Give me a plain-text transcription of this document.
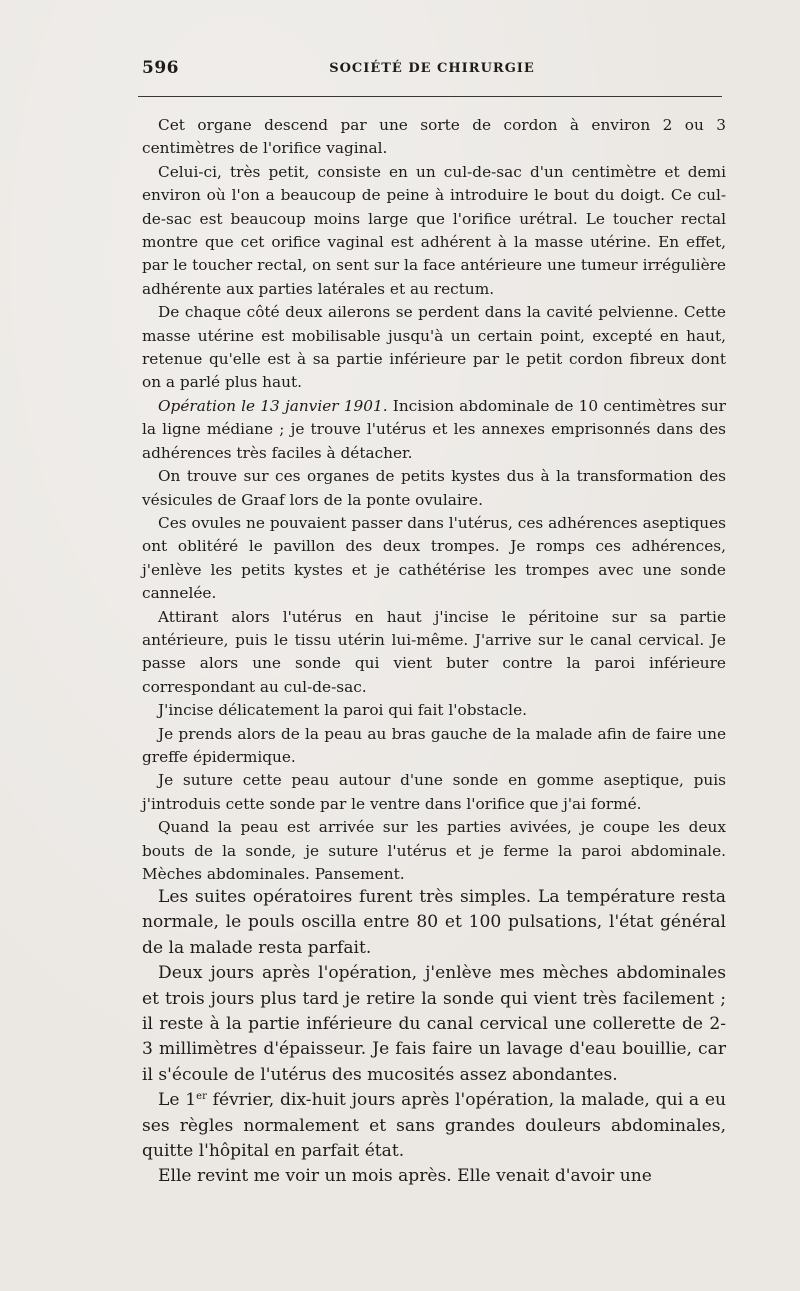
596	SOCIÉTÉ DE CHIRURGIE

Cet organe descend par une sorte de cordon à environ 2 ou 3 centimètres de l'orifice vaginal.

Celui-ci, très petit, consiste en un cul-de-sac d'un centimètre et demi environ où l'on a beaucoup de peine à introduire le bout du doigt. Ce cul-de-sac est beaucoup moins large que l'orifice urétral. Le toucher rectal montre que cet orifice vaginal est adhérent à la masse utérine. En effet, par le toucher rectal, on sent sur la face antérieure une tumeur irrégulière adhérente aux parties latérales et au rectum.

De chaque côté deux ailerons se perdent dans la cavité pelvienne. Cette masse utérine est mobilisable jusqu'à un certain point, excepté en haut, retenue qu'elle est à sa partie inférieure par le petit cordon fibreux dont on a parlé plus haut.

Opération le 13 janvier 1901. Incision abdominale de 10 centimètres sur la ligne médiane ; je trouve l'utérus et les annexes emprisonnés dans des adhérences très faciles à détacher.

On trouve sur ces organes de petits kystes dus à la transformation des vésicules de Graaf lors de la ponte ovulaire.

Ces ovules ne pouvaient passer dans l'utérus, ces adhérences aseptiques ont oblitéré le pavillon des deux trompes. Je romps ces adhérences, j'enlève les petits kystes et je cathétérise les trompes avec une sonde cannelée.

Attirant alors l'utérus en haut j'incise le péritoine sur sa partie antérieure, puis le tissu utérin lui-même. J'arrive sur le canal cervical. Je passe alors une sonde qui vient buter contre la paroi inférieure correspondant au cul-de-sac.

J'incise délicatement la paroi qui fait l'obstacle.

Je prends alors de la peau au bras gauche de la malade afin de faire une greffe épidermique.

Je suture cette peau autour d'une sonde en gomme aseptique, puis j'introduis cette sonde par le ventre dans l'orifice que j'ai formé.

Quand la peau est arrivée sur les parties avivées, je coupe les deux bouts de la sonde, je suture l'utérus et je ferme la paroi abdominale. Mèches abdominales. Pansement.

Les suites opératoires furent très simples. La température resta normale, le pouls oscilla entre 80 et 100 pulsations, l'état général de la malade resta parfait.

Deux jours après l'opération, j'enlève mes mèches abdominales et trois jours plus tard je retire la sonde qui vient très facilement ; il reste à la partie inférieure du canal cervical une collerette de 2-3 millimètres d'épaisseur. Je fais faire un lavage d'eau bouillie, car il s'écoule de l'utérus des mucosités assez abondantes.

Le 1er février, dix-huit jours après l'opération, la malade, qui a eu ses règles normalement et sans grandes douleurs abdominales, quitte l'hôpital en parfait état.

Elle revint me voir un mois après. Elle venait d'avoir une
